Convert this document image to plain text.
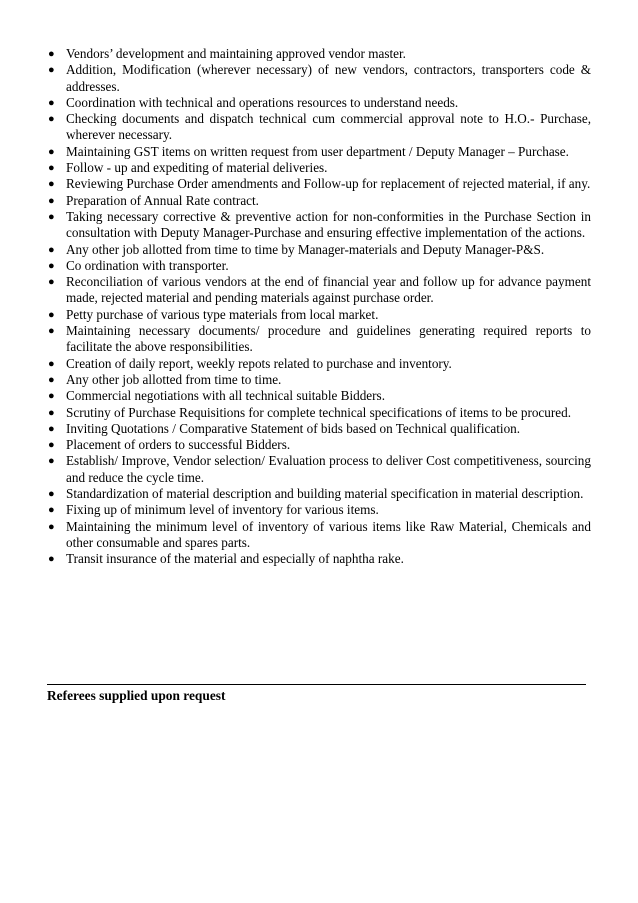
● Vendors’ development and maintaining approved vendor master.
● Addition, Modification (wherever necessary) of new vendors, contractors, transporters code & addresses.
● Coordination with technical and operations resources to understand needs.
● Checking documents and dispatch technical cum commercial approval note to H.O.- Purchase, wherever necessary.
● Maintaining GST items on written request from user department / Deputy Manager – Purchase.
● Follow - up and expediting of material deliveries.
● Reviewing Purchase Order amendments and Follow-up for replacement of rejected material, if any.
● Preparation of Annual Rate contract.
● Taking necessary corrective & preventive action for non-conformities in the Purchase Section in consultation with Deputy Manager-Purchase and ensuring effective implementation of the actions.
● Any other job allotted from time to time by Manager-materials and Deputy Manager-P&S.
● Co ordination with transporter.
● Reconciliation of various vendors at the end of financial year and follow up for advance payment made, rejected material and pending materials against purchase order.
● Petty purchase of various type materials from local market.
● Maintaining necessary documents/ procedure and guidelines generating required reports to facilitate the above responsibilities.
● Creation of daily report, weekly repots related to purchase and inventory.
● Any other job allotted from time to time.
● Commercial negotiations with all technical suitable Bidders.
● Scrutiny of Purchase Requisitions for complete technical specifications of items to be procured.
● Inviting Quotations / Comparative Statement of bids based on Technical qualification.
● Placement of orders to successful Bidders.
● Establish/ Improve, Vendor selection/ Evaluation process to deliver Cost competitiveness, sourcing and reduce the cycle time.
● Standardization of material description and building material specification in material description.
● Fixing up of minimum level of inventory for various items.
● Maintaining the minimum level of inventory of various items like Raw Material, Chemicals and other consumable and spares parts.
● Transit insurance of the material and especially of naphtha rake.
Referees supplied upon request
